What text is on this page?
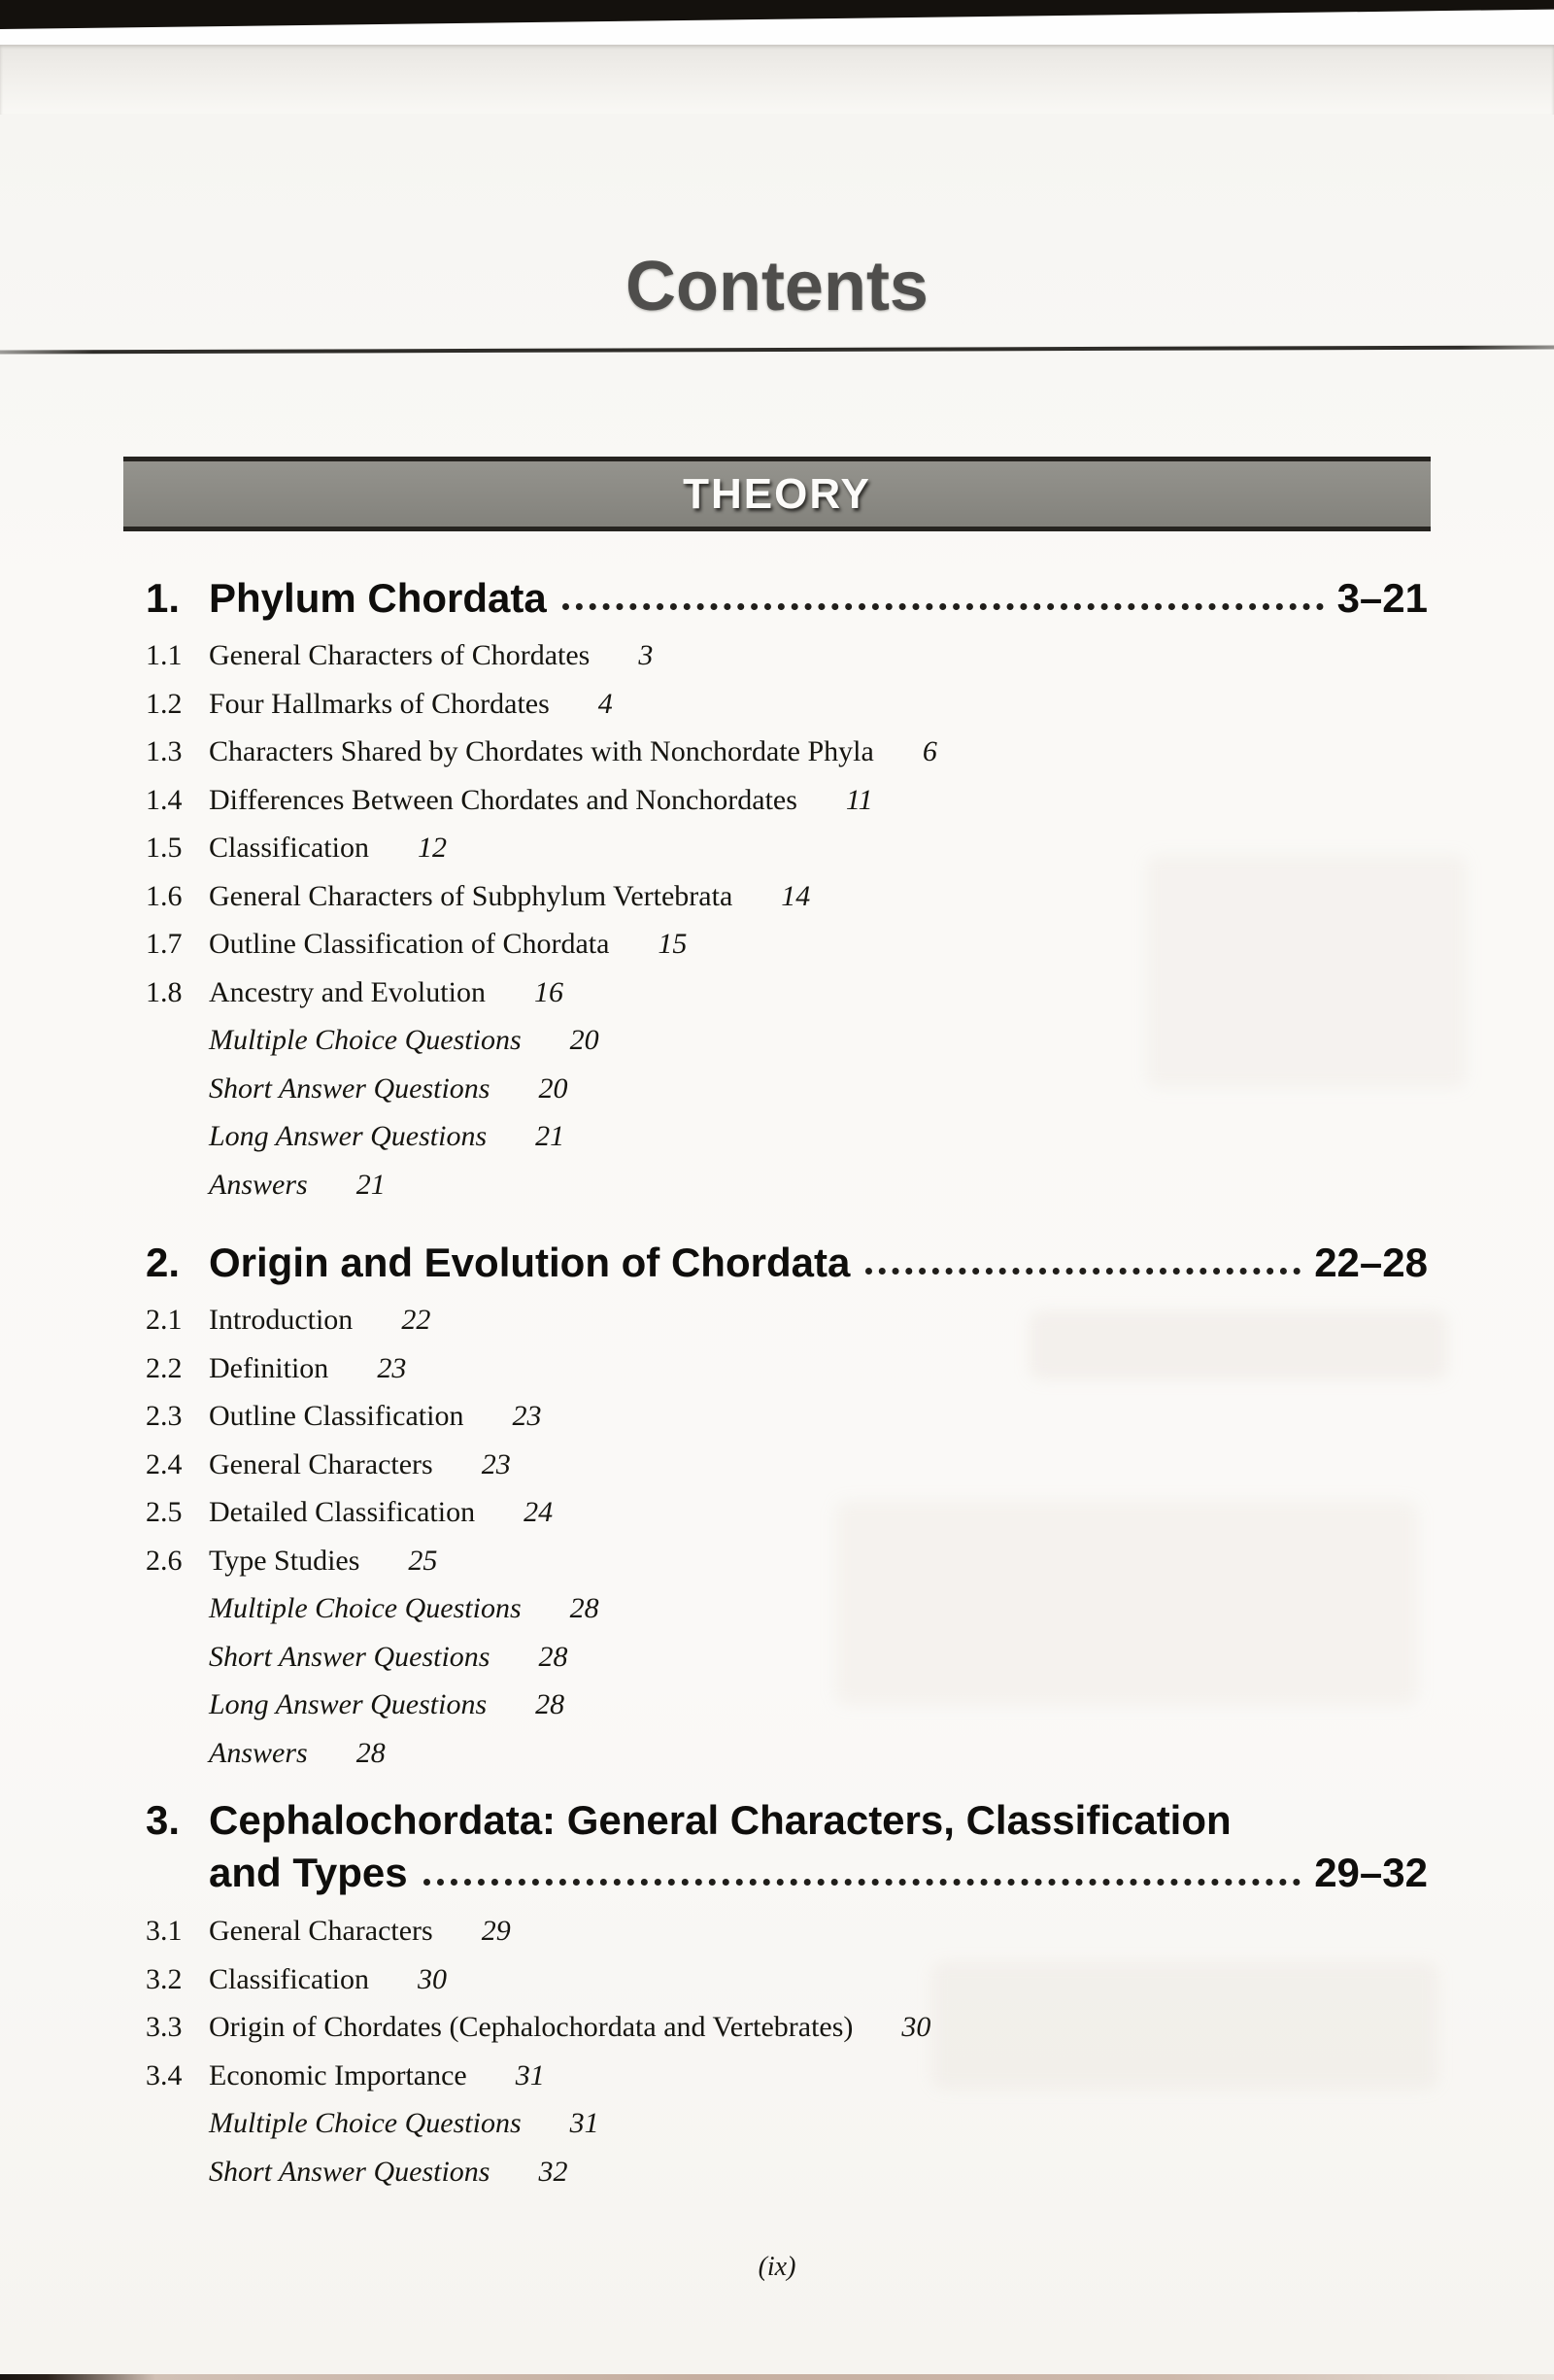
Contents
THEORY
1. Phylum Chordata	3–21
1.1 General Characters of Chordates 3
1.2 Four Hallmarks of Chordates 4
1.3 Characters Shared by Chordates with Nonchordate Phyla 6
1.4 Differences Between Chordates and Nonchordates 11
1.5 Classification 12
1.6 General Characters of Subphylum Vertebrata 14
1.7 Outline Classification of Chordata 15
1.8 Ancestry and Evolution 16
Multiple Choice Questions 20
Short Answer Questions 20
Long Answer Questions 21
Answers 21
2. Origin and Evolution of Chordata	22–28
2.1 Introduction 22
2.2 Definition 23
2.3 Outline Classification 23
2.4 General Characters 23
2.5 Detailed Classification 24
2.6 Type Studies 25
Multiple Choice Questions 28
Short Answer Questions 28
Long Answer Questions 28
Answers 28
3. Cephalochordata: General Characters, Classification
and Types	29–32
3.1 General Characters 29
3.2 Classification 30
3.3 Origin of Chordates (Cephalochordata and Vertebrates) 30
3.4 Economic Importance 31
Multiple Choice Questions 31
Short Answer Questions 32
(ix)
